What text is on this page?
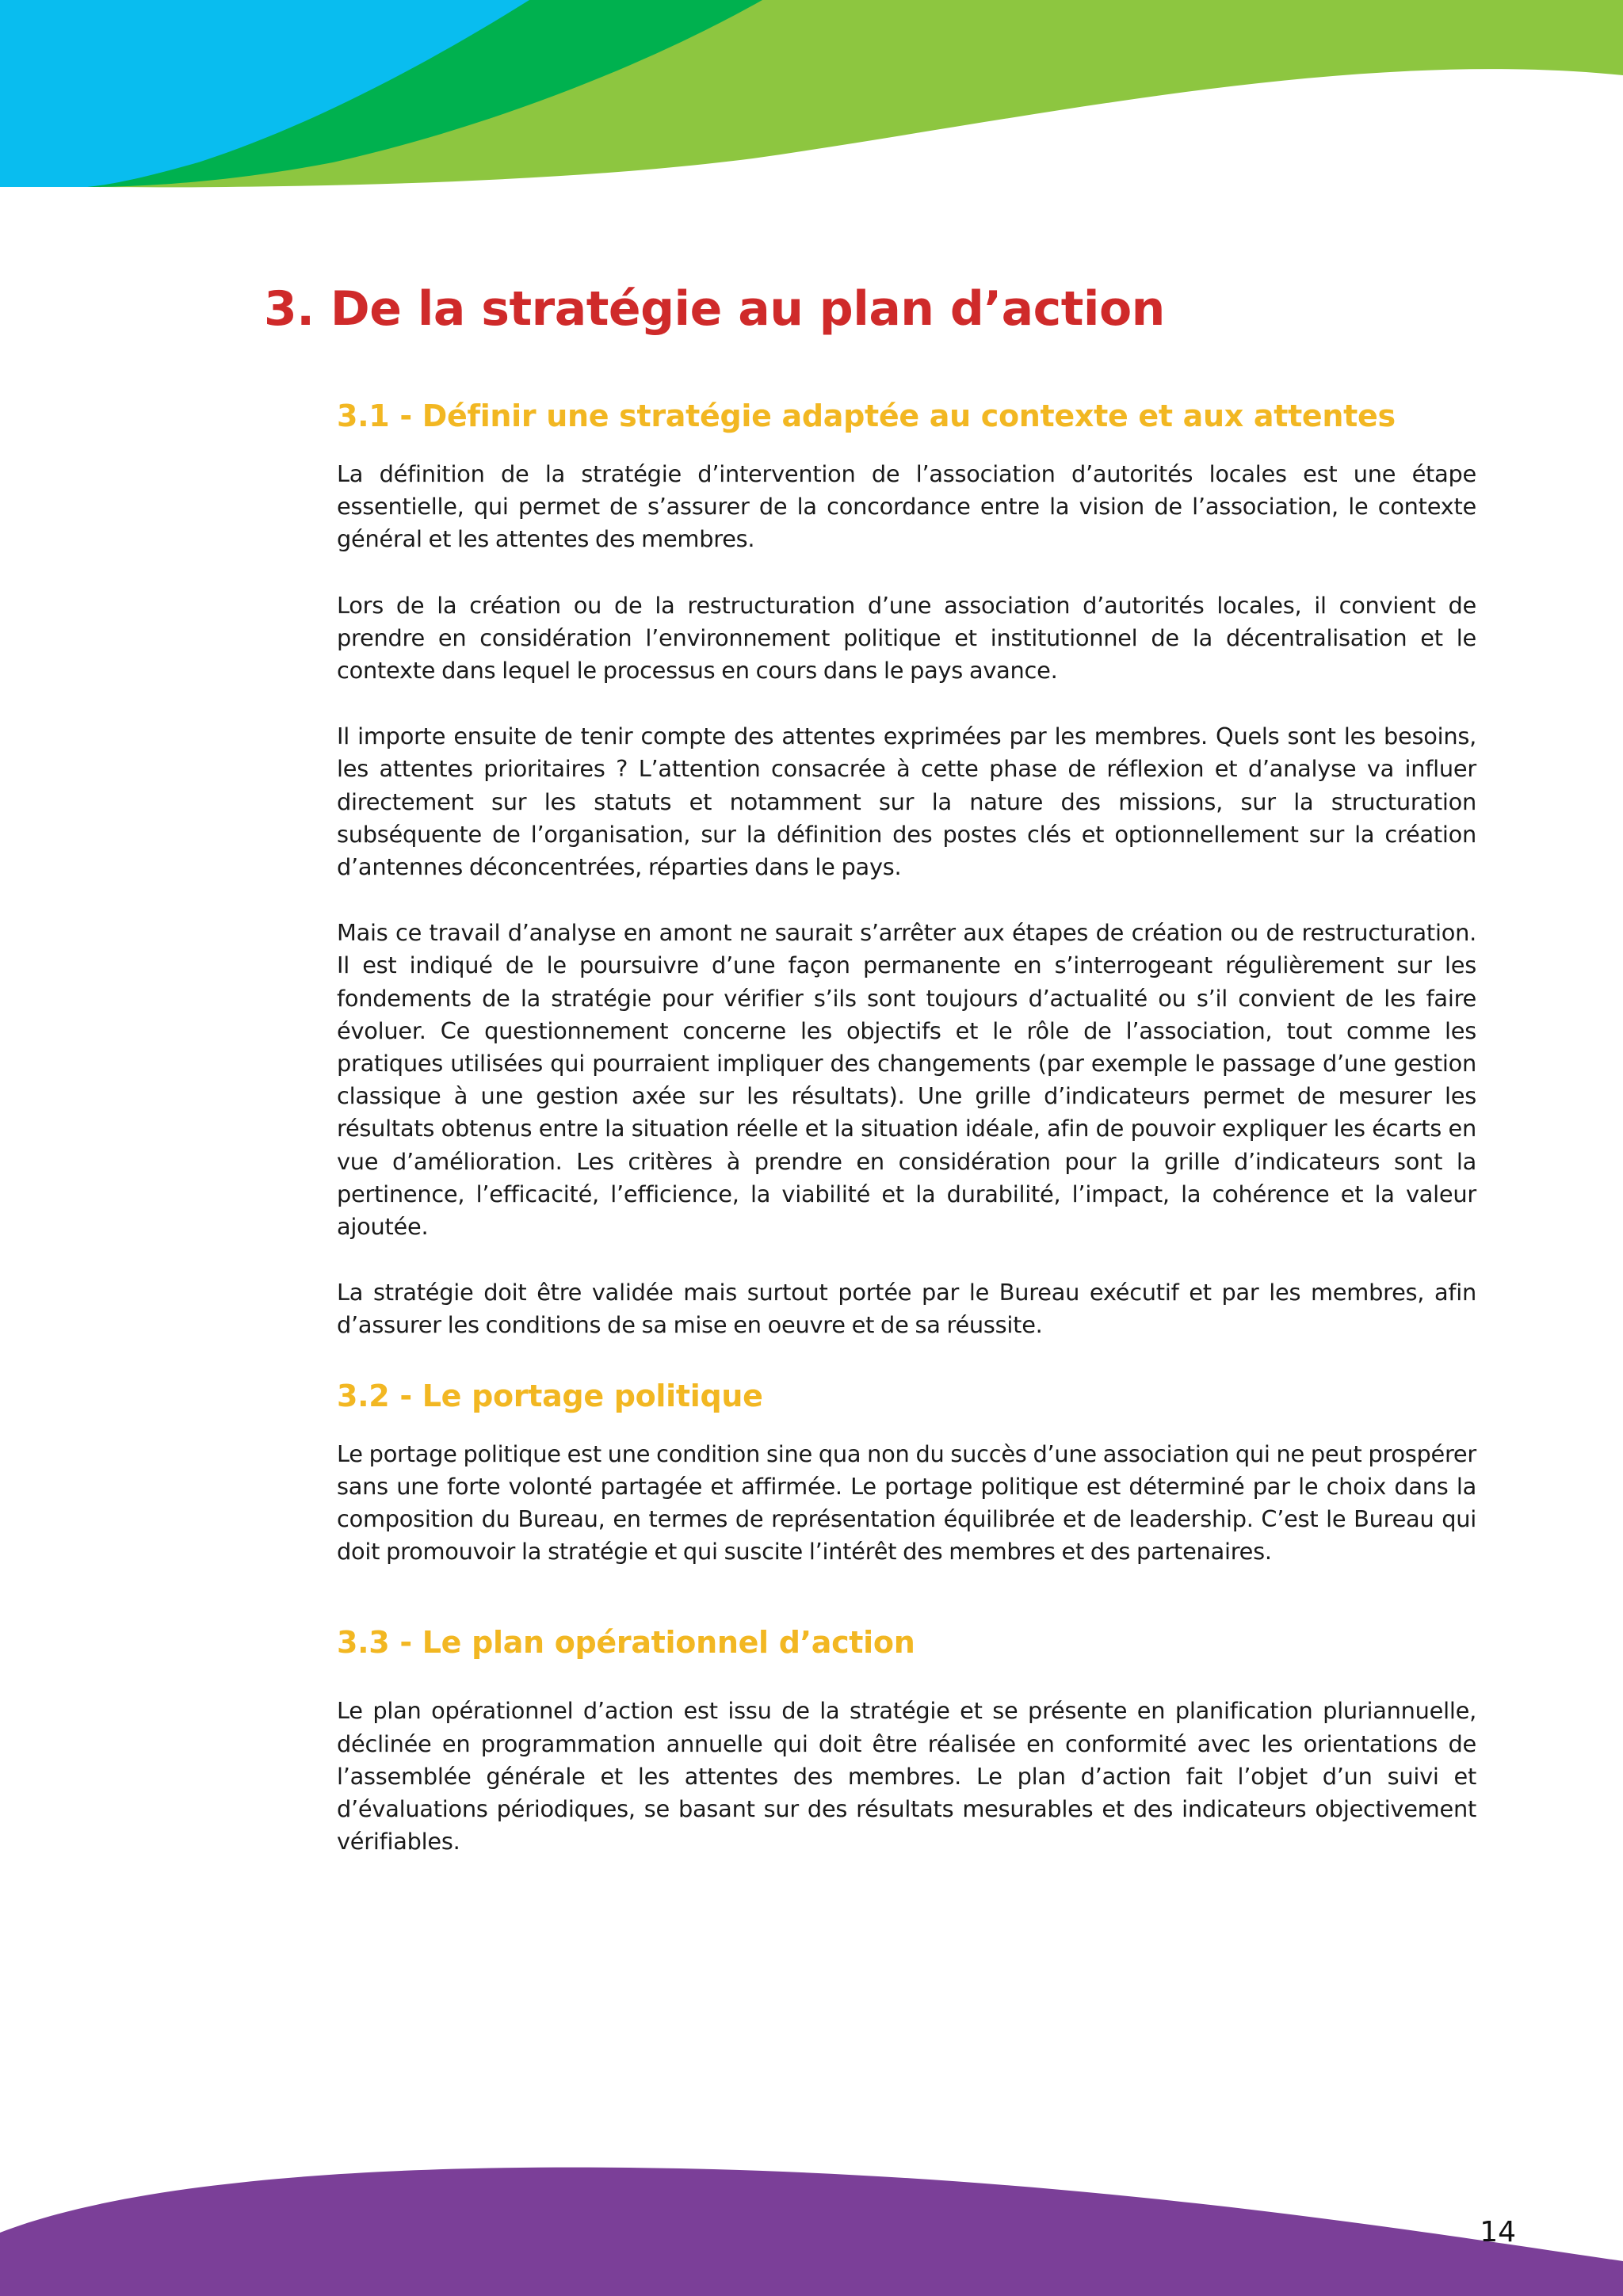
3. De la stratégie au plan d’action
3.1 - Définir une stratégie adaptée au contexte et aux attentes

La définition de la stratégie d’intervention de l’association d’autorités locales est une étape essentielle, qui permet de s’assurer de la concordance entre la vision de l’association, le contexte général et les attentes des membres.

Lors de la création ou de la restructuration d’une association d’autorités locales, il convient de prendre en considération l’environnement politique et institutionnel de la décentralisation et le contexte dans lequel le processus en cours dans le pays avance.

Il importe ensuite de tenir compte des attentes exprimées par les membres. Quels sont les besoins, les attentes prioritaires ? L’attention consacrée à cette phase de réflexion et d’analyse va influer directement sur les statuts et notamment sur la nature des missions, sur la structuration subséquente de l’organisation, sur la définition des postes clés et optionnellement sur la création d’antennes déconcentrées, réparties dans le pays.

Mais ce travail d’analyse en amont ne saurait s’arrêter aux étapes de création ou de restructuration. Il est indiqué de le poursuivre d’une façon permanente en s’interrogeant régulièrement sur les fondements de la stratégie pour vérifier s’ils sont toujours d’actualité ou s’il convient de les faire évoluer. Ce questionnement concerne les objectifs et le rôle de l’association, tout comme les pratiques utilisées qui pourraient impliquer des changements (par exemple le passage d’une gestion classique à une gestion axée sur les résultats). Une grille d’indicateurs permet de mesurer les résultats obtenus entre la situation réelle et la situation idéale, afin de pouvoir expliquer les écarts en vue d’amélioration. Les critères à prendre en considération pour la grille d’indicateurs sont la pertinence, l’efficacité, l’efficience, la viabilité et la durabilité, l’impact, la cohérence et la valeur ajoutée.

La stratégie doit être validée mais surtout portée par le Bureau exécutif et par les membres, afin d’assurer les conditions de sa mise en oeuvre et de sa réussite.

3.2 - Le portage politique

Le portage politique est une condition sine qua non du succès d’une association qui ne peut prospérer sans une forte volonté partagée et affirmée. Le portage politique est déterminé par le choix dans la composition du Bureau, en termes de représentation équilibrée et de leadership. C’est le Bureau qui doit promouvoir la stratégie et qui suscite l’intérêt des membres et des partenaires.

3.3 - Le plan opérationnel d’action

Le plan opérationnel d’action est issu de la stratégie et se présente en planification pluriannuelle, déclinée en programmation annuelle qui doit être réalisée en conformité avec les orientations de l’assemblée générale et les attentes des membres. Le plan d’action fait l’objet d’un suivi et d’évaluations périodiques, se basant sur des résultats mesurables et des indicateurs objectivement vérifiables.

14
